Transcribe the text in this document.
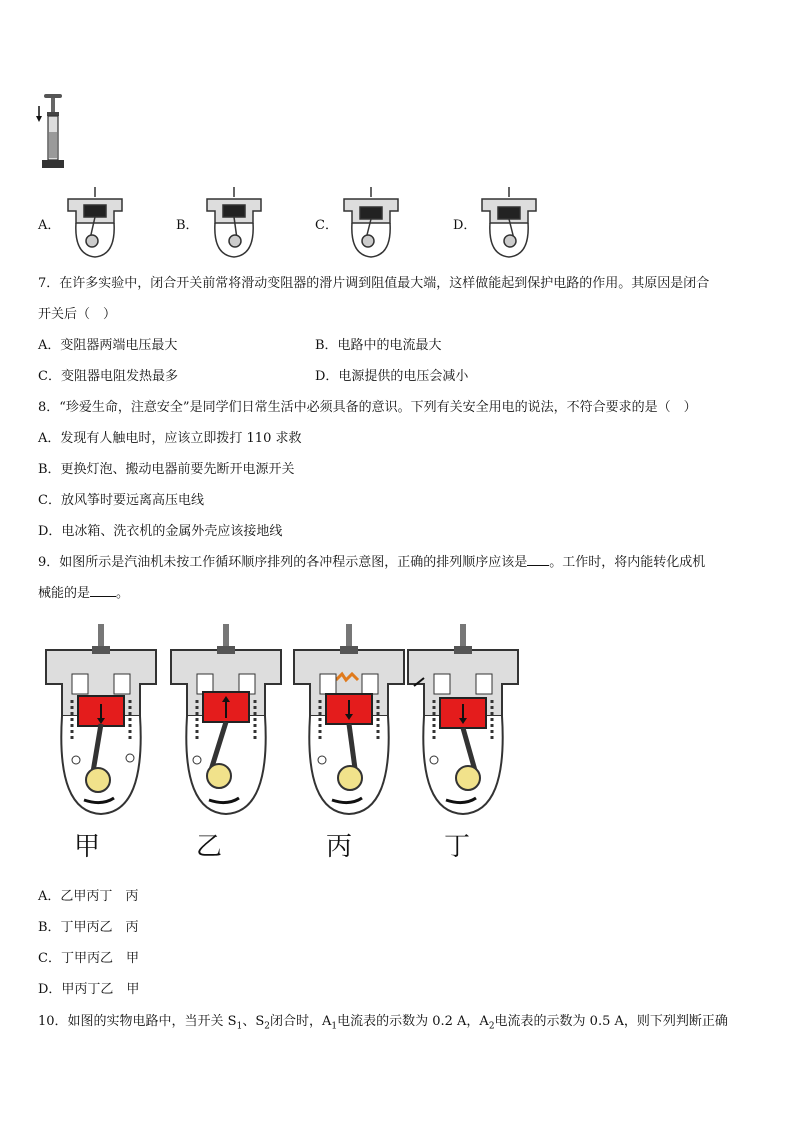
A．	B．	C．	D．
7．在许多实验中，闭合开关前常将滑动变阻器的滑片调到阻值最大端，这样做能起到保护电路的作用。其原因是闭合
开关后（　）
A．变阻器两端电压最大	B．电路中的电流最大
C．变阻器电阻发热最多	D．电源提供的电压会减小
8．“珍爱生命，注意安全”是同学们日常生活中必须具备的意识。下列有关安全用电的说法，不符合要求的是（　）
A．发现有人触电时，应该立即拨打 110 求救
B．更换灯泡、搬动电器前要先断开电源开关
C．放风筝时要远离高压电线
D．电冰箱、洗衣机的金属外壳应该接地线
9．如图所示是汽油机未按工作循环顺序排列的各冲程示意图，正确的排列顺序应该是 。工作时，将内能转化成机
械能的是 。
甲	乙	丙	丁
A．乙甲丙丁　丙
B．丁甲丙乙　丙
C．丁甲丙乙　甲
D．甲丙丁乙　甲
10．如图的实物电路中，当开关 $S_1$、$S_2$闭合时，$A_1$电流表的示数为 0.2 A，$A_2$电流表的示数为 0.5 A，则下列判断正确
